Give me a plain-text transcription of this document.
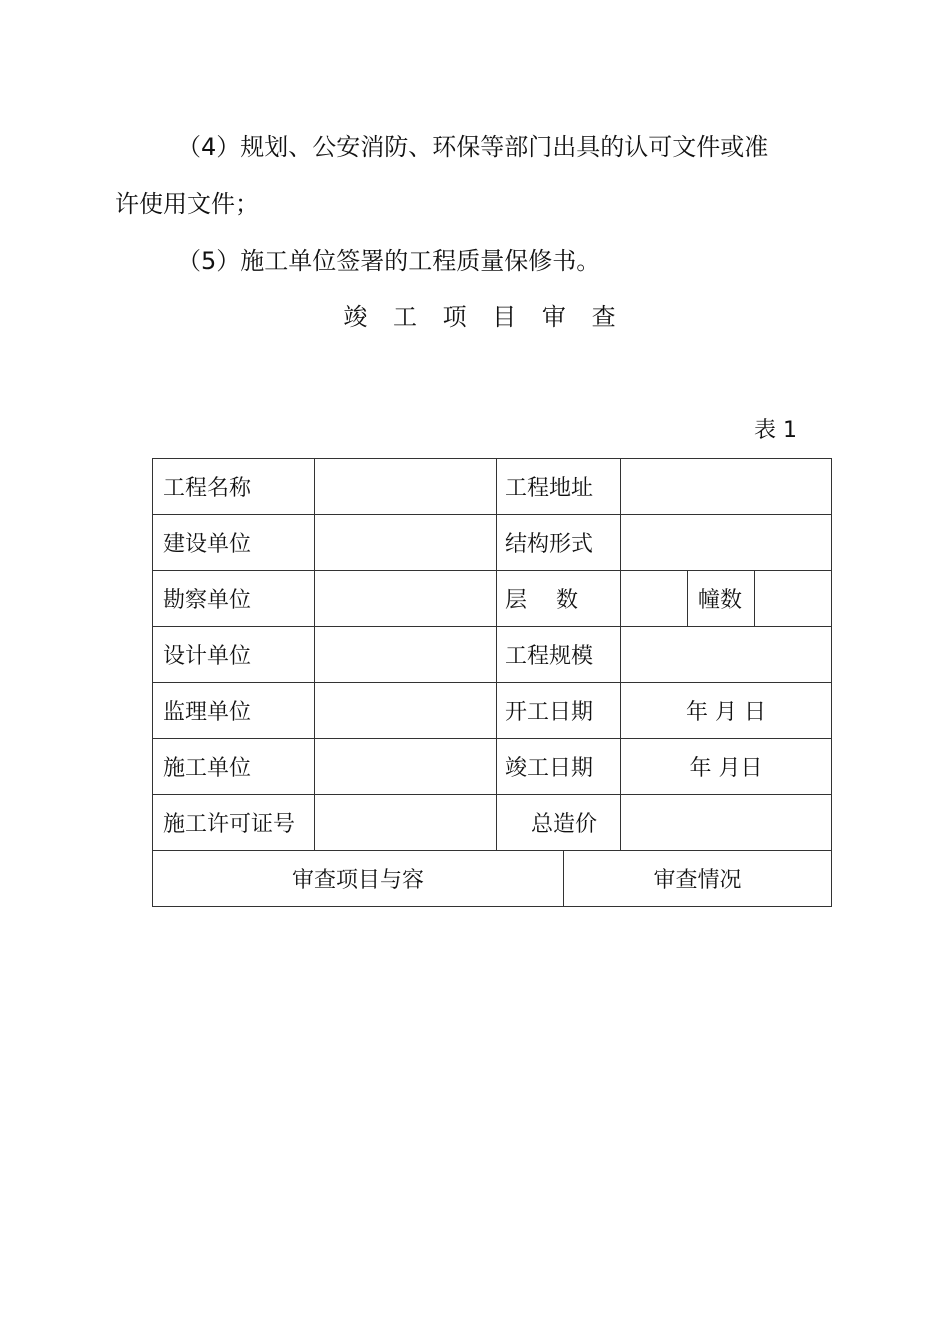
（4）规划、公安消防、环保等部门出具的认可文件或准

许使用文件；

（5）施工单位签署的工程质量保修书。

竣 工 项 目 审 查
表 1
工程名称		工程地址				
建设单位		结构形式				
勘察单位		层　 数			幢数	
设计单位		工程规模				
监理单位		开工日期		年 月 日		
施工单位		竣工日期		年 月日		
施工许可证号		总造价				
审查项目与容			审查情况			
